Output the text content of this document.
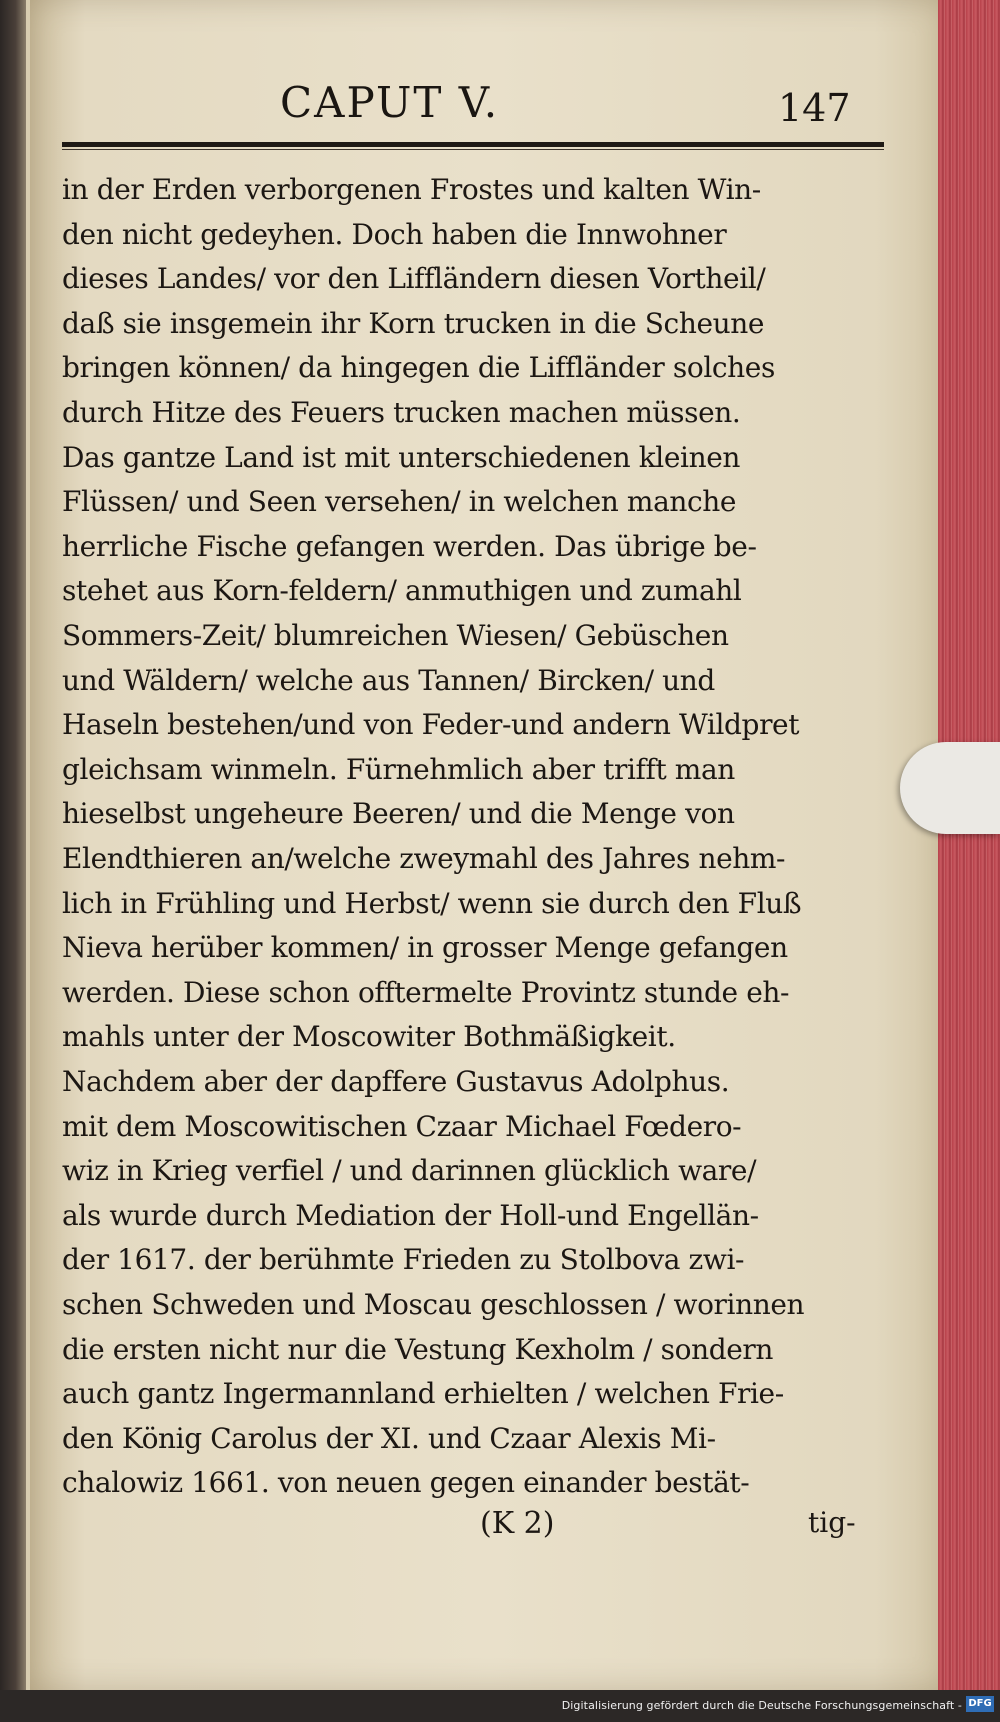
CAPUT V.	147
in der Erden verborgenen Frostes und kalten Win-
den nicht gedeyhen. Doch haben die Innwohner
dieses Landes/ vor den Liffländern diesen Vortheil/
daß sie insgemein ihr Korn trucken in die Scheune
bringen können/ da hingegen die Liffländer solches
durch Hitze des Feuers trucken machen müssen.
Das gantze Land ist mit unterschiedenen kleinen
Flüssen/ und Seen versehen/ in welchen manche
herrliche Fische gefangen werden. Das übrige be-
stehet aus Korn-feldern/ anmuthigen und zumahl
Sommers-Zeit/ blumreichen Wiesen/ Gebüschen
und Wäldern/ welche aus Tannen/ Bircken/ und
Haseln bestehen/und von Feder-und andern Wildpret
gleichsam winmeln. Fürnehmlich aber trifft man
hieselbst ungeheure Beeren/ und die Menge von
Elendthieren an/welche zweymahl des Jahres nehm-
lich in Frühling und Herbst/ wenn sie durch den Fluß
Nieva herüber kommen/ in grosser Menge gefangen
werden. Diese schon offtermelte Provintz stunde eh-
mahls unter der Moscowiter Bothmäßigkeit.
Nachdem aber der dapffere Gustavus Adolphus.
mit dem Moscowitischen Czaar Michael Fœdero-
wiz in Krieg verfiel / und darinnen glücklich ware/
als wurde durch Mediation der Holl-und Engellän-
der 1617. der berühmte Frieden zu Stolbova zwi-
schen Schweden und Moscau geschlossen / worinnen
die ersten nicht nur die Vestung Kexholm / sondern
auch gantz Ingermannland erhielten / welchen Frie-
den König Carolus der XI. und Czaar Alexis Mi-
chalowiz 1661. von neuen gegen einander bestät-
(K 2)	tig-
Digitalisierung gefördert durch die Deutsche Forschungsgemeinschaft - DFG
